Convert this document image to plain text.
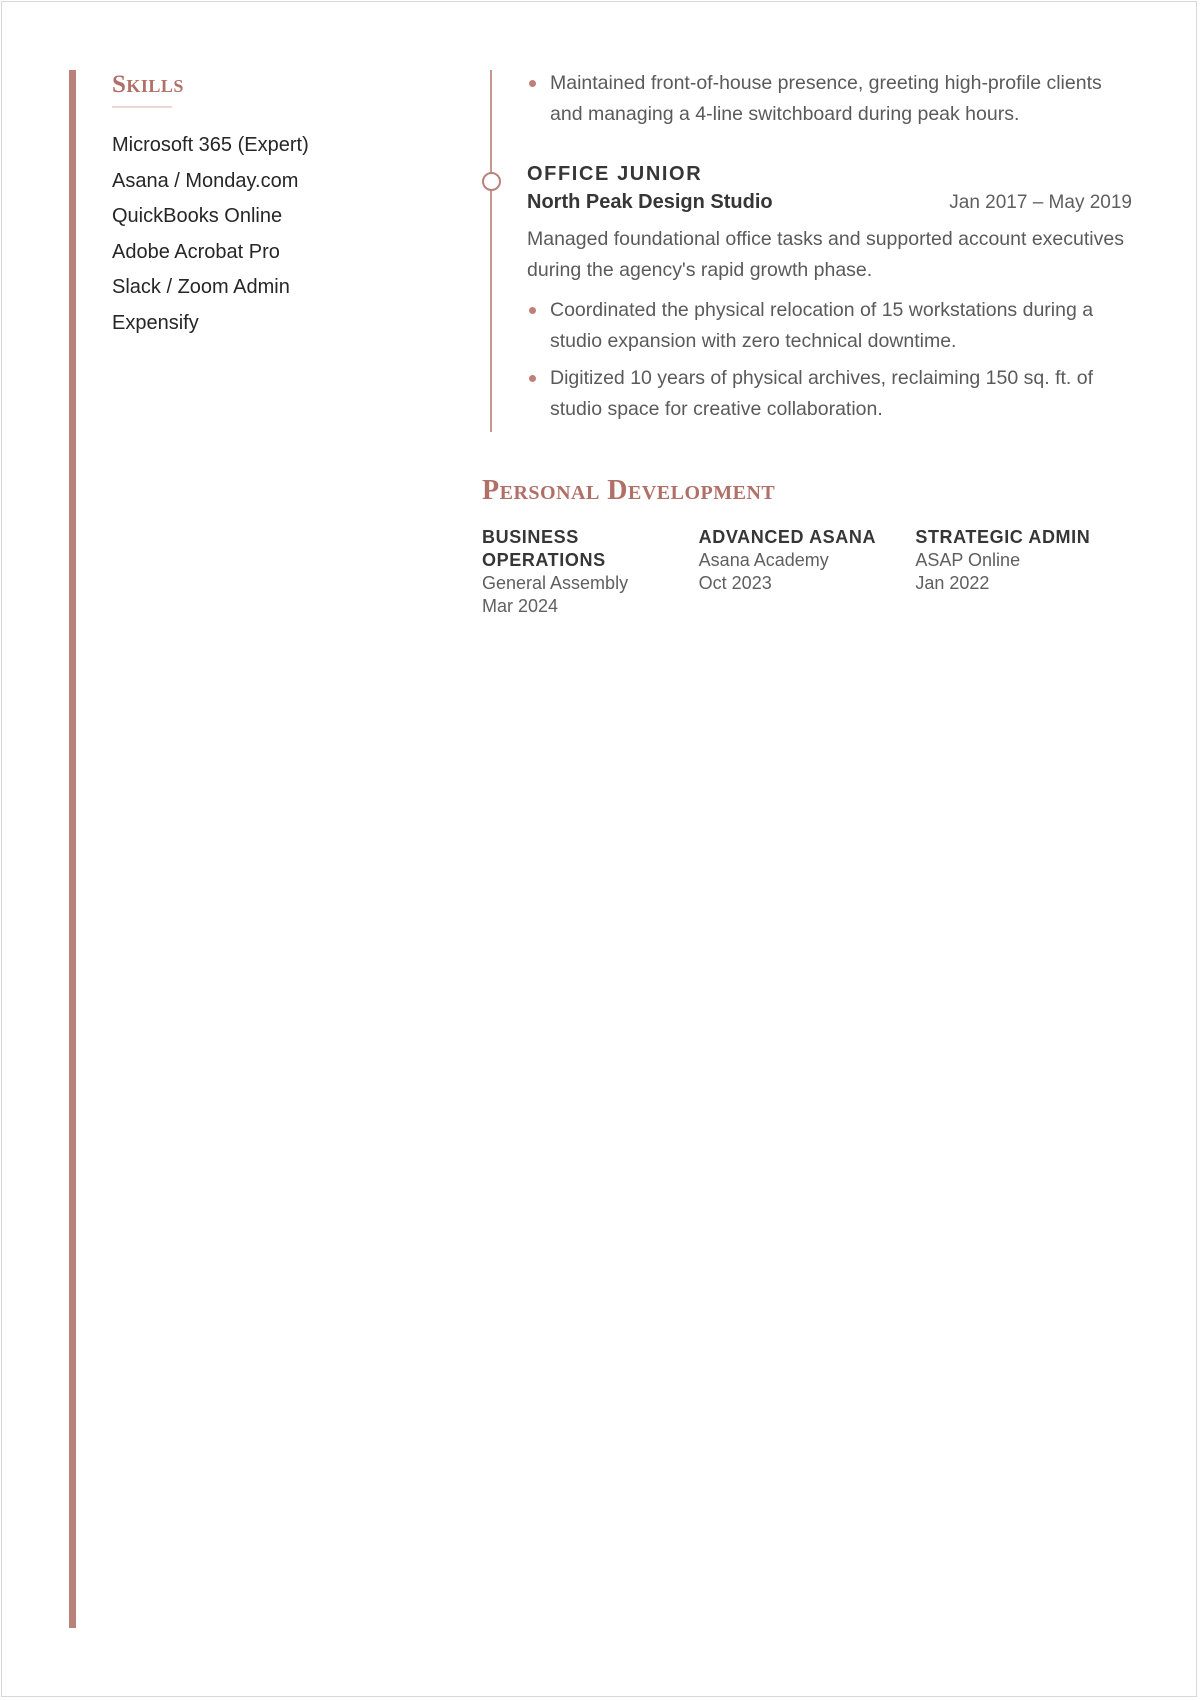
Skills
Microsoft 365 (Expert)
Asana / Monday.com
QuickBooks Online
Adobe Acrobat Pro
Slack / Zoom Admin
Expensify
Maintained front-of-house presence, greeting high-profile clients and managing a 4-line switchboard during peak hours.
OFFICE JUNIOR
North Peak Design Studio	Jan 2017 – May 2019

Managed foundational office tasks and supported account executives during the agency's rapid growth phase.

Coordinated the physical relocation of 15 workstations during a studio expansion with zero technical downtime.
Digitized 10 years of physical archives, reclaiming 150 sq. ft. of studio space for creative collaboration.
Personal Development
BUSINESS OPERATIONS
General Assembly
Mar 2024
ADVANCED ASANA
Asana Academy
Oct 2023
STRATEGIC ADMIN
ASAP Online
Jan 2022
